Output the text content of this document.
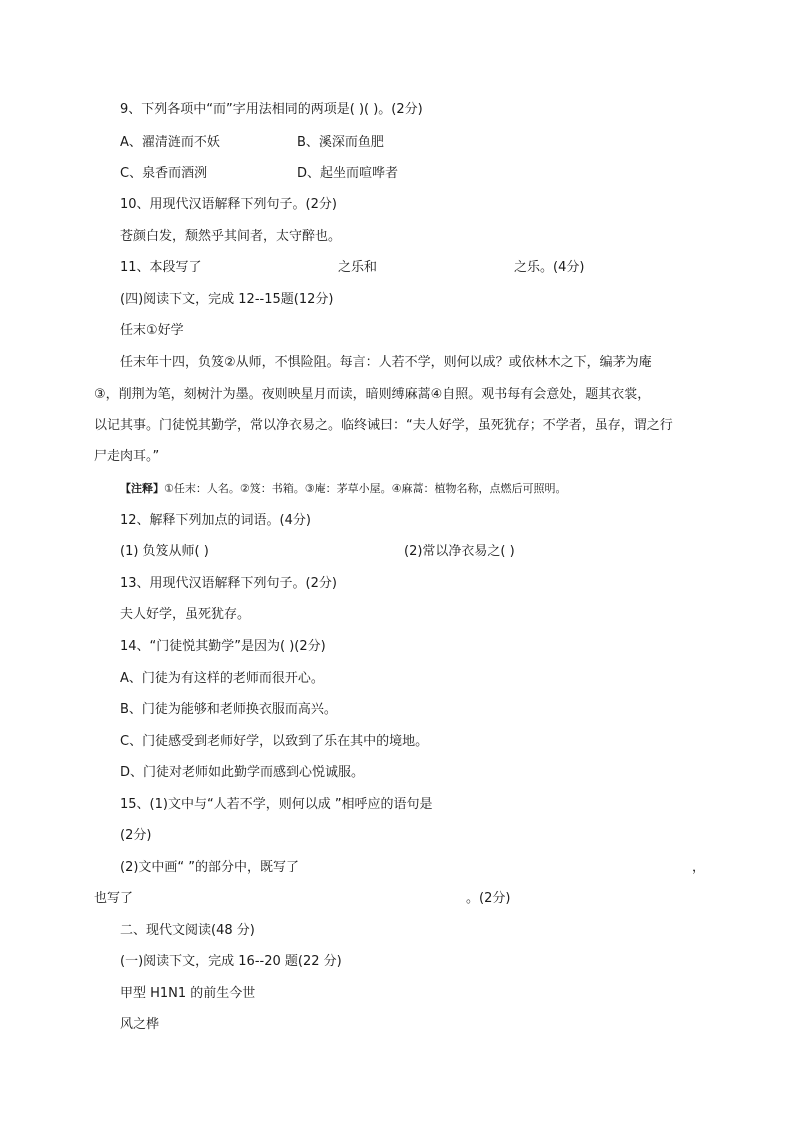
9、下列各项中“而”字用法相同的两项是( )( )。(2分)
A、濯清涟而不妖	B、溪深而鱼肥
C、泉香而酒洌	D、起坐而喧哗者
10、用现代汉语解释下列句子。(2分)
苍颜白发，颓然乎其间者，太守醉也。
11、本段写了	之乐和	之乐。(4分)
(四)阅读下文，完成 12--15题(12分)
任末①好学
任末年十四，负笈②从师，不惧险阻。每言：人若不学，则何以成？或依林木之下，编茅为庵
③，削荆为笔，刻树汁为墨。夜则映星月而读，暗则缚麻蒿④自照。观书每有会意处，题其衣裳，
以记其事。门徒悦其勤学，常以净衣易之。临终诫曰：“夫人好学，虽死犹存；不学者，虽存，谓之行
尸走肉耳。”
【注释】①任末：人名。②笈：书箱。③庵：茅草小屋。④麻蒿：植物名称，点燃后可照明。
12、解释下列加点的词语。(4分)
(1) 负笈从师( )	(2)常以净衣易之( )
13、用现代汉语解释下列句子。(2分)
夫人好学，虽死犹存。
14、“门徒悦其勤学”是因为( )(2分)
A、门徒为有这样的老师而很开心。
B、门徒为能够和老师换衣服而高兴。
C、门徒感受到老师好学，以致到了乐在其中的境地。
D、门徒对老师如此勤学而感到心悦诚服。
15、(1)文中与“人若不学，则何以成 ”相呼应的语句是
(2分)
(2)文中画“ ”的部分中，既写了	，
也写了	。(2分)
二、现代文阅读(48 分)
(一)阅读下文，完成 16--20 题(22 分)
甲型 H1N1 的前生今世
风之桦
